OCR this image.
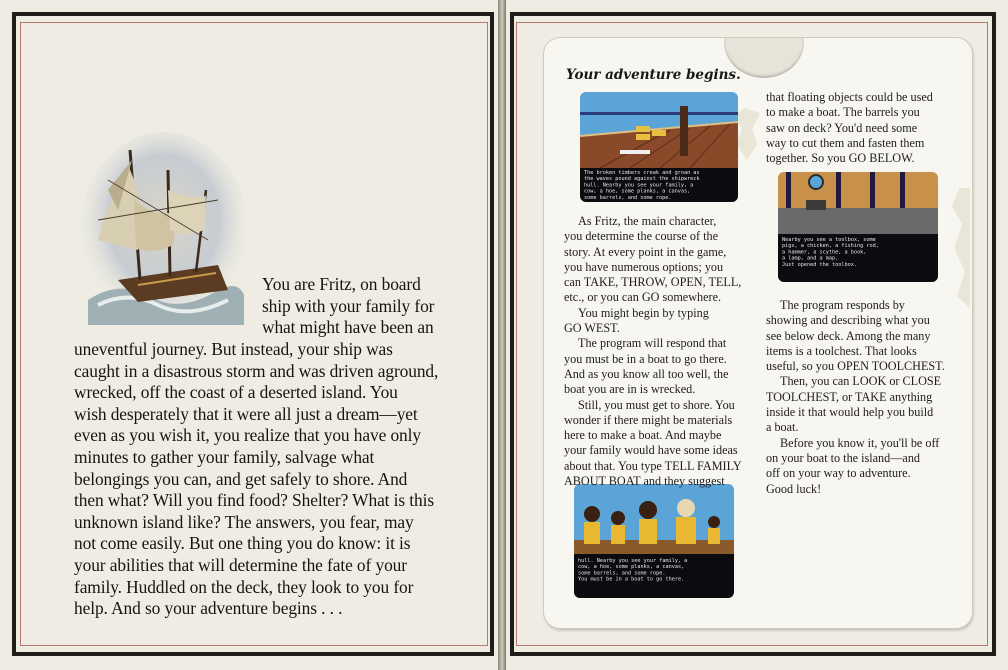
You are Fritz, on board
ship with your family for
what might have been an

uneventful journey. But instead, your ship was
caught in a disastrous storm and was driven aground,
wrecked, off the coast of a deserted island. You
wish desperately that it were all just a dream—yet
even as you wish it, you realize that you have only
minutes to gather your family, salvage what
belongings you can, and get safely to shore. And
then what? Will you find food? Shelter? What is this
unknown island like? The answers, you fear, may
not come easily. But one thing you do know: it is
your abilities that will determine the fate of your
family. Huddled on the deck, they look to you for
help. And so your adventure begins . . .

Your adventure begins.

The broken timbers creak and groan as
the waves pound against the shipwreck
hull. Nearby you see your family, a
cow, a hoe, some planks, a canvas,
some barrels, and some rope.
Nearby you see a toolbox, some
pigs, a chicken, a fishing rod,
a hammer, a scythe, a book,
a lamp, and a map.
Just opened the toolbox.
hull. Nearby you see your family, a
cow, a hoe, some planks, a canvas,
some barrels, and some rope.
You must be in a boat to go there.
As Fritz, the main character,
you determine the course of the
story. At every point in the game,
you have numerous options; you
can TAKE, THROW, OPEN, TELL,
etc., or you can GO somewhere.
You might begin by typing
GO WEST.
The program will respond that
you must be in a boat to go there.
And as you know all too well, the
boat you are in is wrecked.
Still, you must get to shore. You
wonder if there might be materials
here to make a boat. And maybe
your family would have some ideas
about that. You type TELL FAMILY
ABOUT BOAT and they suggest
that floating objects could be used
to make a boat. The barrels you
saw on deck? You'd need some
way to cut them and fasten them
together. So you GO BELOW.
The program responds by
showing and describing what you
see below deck. Among the many
items is a toolchest. That looks
useful, so you OPEN TOOLCHEST.
Then, you can LOOK or CLOSE
TOOLCHEST, or TAKE anything
inside it that would help you build
a boat.
Before you know it, you'll be off
on your boat to the island—and
off on your way to adventure.
Good luck!
